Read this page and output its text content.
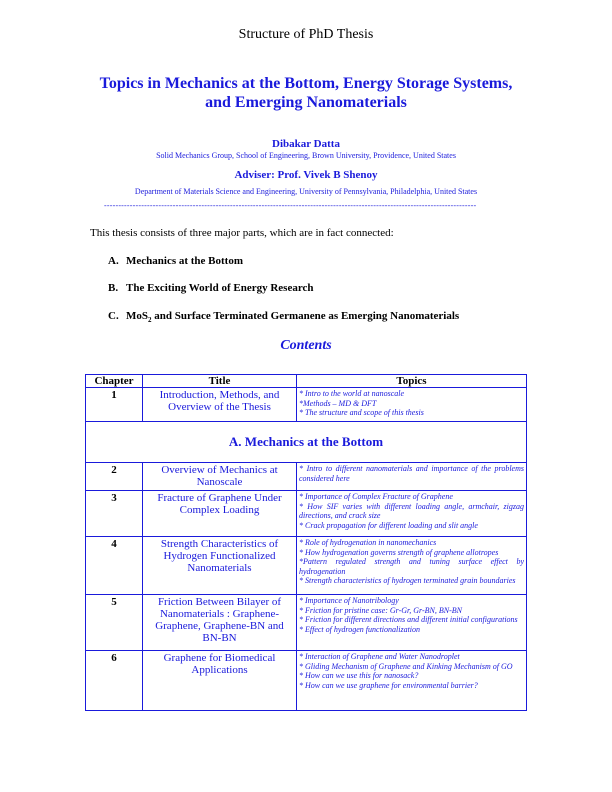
Structure of PhD Thesis
Topics in Mechanics at the Bottom, Energy Storage Systems, and Emerging Nanomaterials
Dibakar Datta
Solid Mechanics Group, School of Engineering, Brown University, Providence, United States
Adviser: Prof. Vivek B Shenoy
Department of Materials Science and Engineering, University of Pennsylvania, Philadelphia, United States
----------------------------------------------------------------------------------------------------------------------------------
This thesis consists of three major parts, which are in fact connected:
A. Mechanics at the Bottom
B. The Exciting World of Energy Research
C. MoS$_2$ and Surface Terminated Germanene as Emerging Nanomaterials
Contents
Chapter	Title	Topics
1	Introduction, Methods, and Overview of the Thesis	* Intro to the world at nanoscale
*Methods – MD & DFT
* The structure and scope of this thesis

A. Mechanics at the Bottom		
2	Overview of Mechanics at Nanoscale	* Intro to different nanomaterials and importance of the problems considered here

3	Fracture of Graphene Under Complex Loading	* Importance of Complex Fracture of Graphene
* How SIF varies with different loading angle, armchair, zigzag directions, and crack size
* Crack propagation for different loading and slit angle

4	Strength Characteristics of Hydrogen Functionalized Nanomaterials	* Role of hydrogenation in nanomechanics
* How hydrogenation governs strength of graphene allotropes
*Pattern regulated strength and tuning surface effect by hydrogenation
* Strength characteristics of hydrogen terminated grain boundaries

5	Friction Between Bilayer of Nanomaterials : Graphene-Graphene, Graphene-BN and BN-BN	* Importance of Nanotribology
* Friction for pristine case: Gr-Gr, Gr-BN, BN-BN
* Friction for different directions and different initial configurations
* Effect of hydrogen functionalization

6	Graphene for Biomedical Applications	* Interaction of Graphene and Water Nanodroplet
* Gliding Mechanism of Graphene and Kinking Mechanism of GO
* How can we use this for nanosack?
* How can we use graphene for environmental barrier?
